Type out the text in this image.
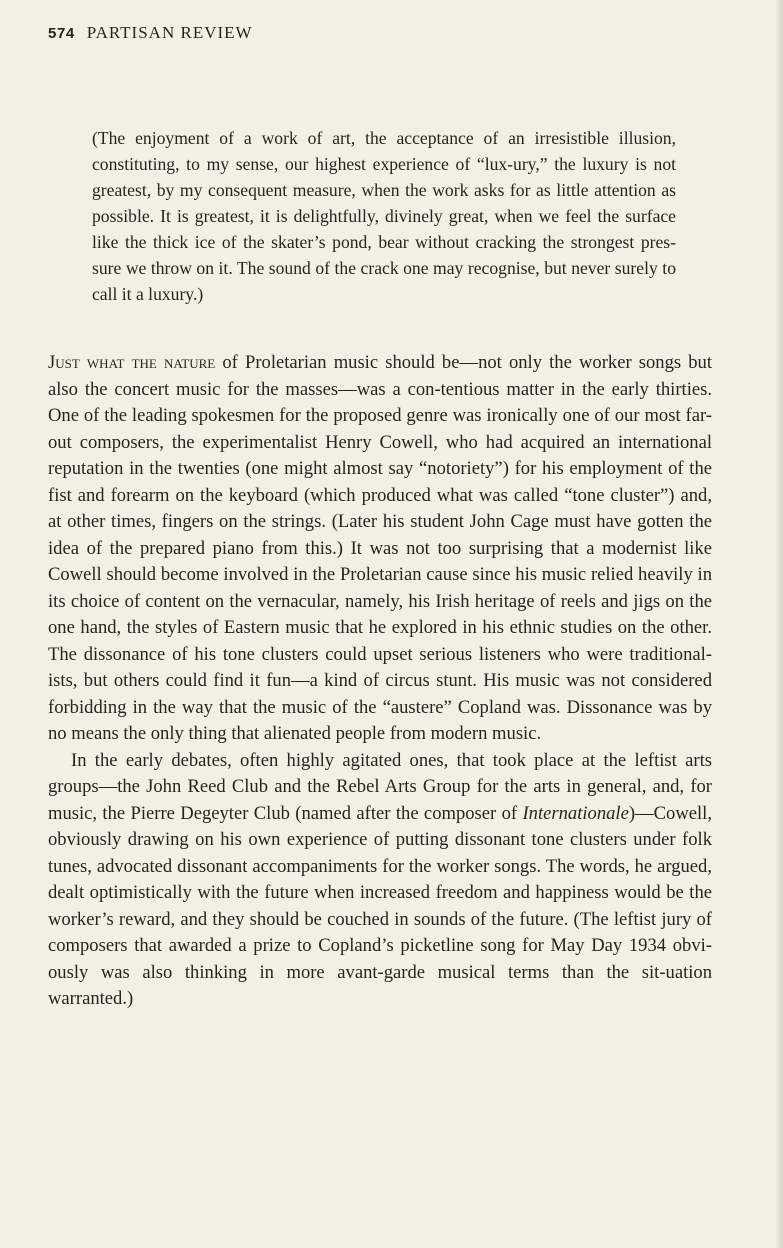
574 PARTISAN REVIEW

(The enjoyment of a work of art, the acceptance of an irresistible illusion, constituting, to my sense, our highest experience of “lux-ury,” the luxury is not greatest, by my consequent measure, when the work asks for as little attention as possible. It is greatest, it is delightfully, divinely great, when we feel the surface like the thick ice of the skater’s pond, bear without cracking the strongest pres-sure we throw on it. The sound of the crack one may recognise, but never surely to call it a luxury.)

Just what the nature of Proletarian music should be—not only the worker songs but also the concert music for the masses—was a con-tentious matter in the early thirties. One of the leading spokesmen for the proposed genre was ironically one of our most far-out composers, the experimentalist Henry Cowell, who had acquired an international reputation in the twenties (one might almost say “notoriety”) for his employment of the fist and forearm on the keyboard (which produced what was called “tone cluster”) and, at other times, fingers on the strings. (Later his student John Cage must have gotten the idea of the prepared piano from this.) It was not too surprising that a modernist like Cowell should become involved in the Proletarian cause since his music relied heavily in its choice of content on the vernacular, namely, his Irish heritage of reels and jigs on the one hand, the styles of Eastern music that he explored in his ethnic studies on the other. The dissonance of his tone clusters could upset serious listeners who were traditional-ists, but others could find it fun—a kind of circus stunt. His music was not considered forbidding in the way that the music of the “austere” Copland was. Dissonance was by no means the only thing that alienated people from modern music.

In the early debates, often highly agitated ones, that took place at the leftist arts groups—the John Reed Club and the Rebel Arts Group for the arts in general, and, for music, the Pierre Degeyter Club (named after the composer of Internationale)—Cowell, obviously drawing on his own experience of putting dissonant tone clusters under folk tunes, advocated dissonant accompaniments for the worker songs. The words, he argued, dealt optimistically with the future when increased freedom and happiness would be the worker’s reward, and they should be couched in sounds of the future. (The leftist jury of composers that awarded a prize to Copland’s picketline song for May Day 1934 obvi-ously was also thinking in more avant-garde musical terms than the sit-uation warranted.)
